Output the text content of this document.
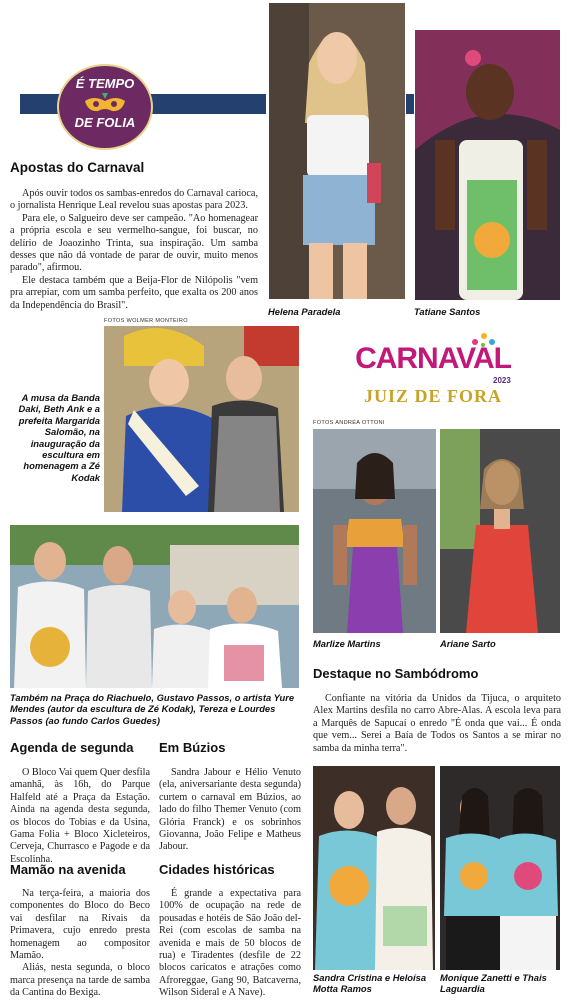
É TEMPO
DE FOLIA
Apostas do Carnaval

Após ouvir todos os sambas-enredos do Carnaval carioca, o jornalista Henrique Leal revelou suas apostas para 2023.

Para ele, o Salgueiro deve ser campeão. "Ao homenagear a própria escola e seu vermelho-sangue, foi buscar, no delírio de Joaozinho Trinta, sua inspiração. Um samba desses que não dá vontade de parar de ouvir, muito menos parado", afirmou.

Ele destaca também que a Beija-Flor de Nilópolis "vem pra arrepiar, com um samba perfeito, que exalta os 200 anos da Independência do Brasil".

Helena Paradela	Tatiane Santos
FOTOS WOLMER MONTEIRO
A musa da Banda Daki, Beth Ank e a prefeita Margarida Salomão, na inauguração da escultura em homenagem a Zé Kodak
CARNAVAL
2023
JUIZ DE FORA
FOTOS ANDRÉA OTTONI
Marlize Martins	Ariane Sarto
Também na Praça do Riachuelo, Gustavo Passos, o artista Yure Mendes (autor da escultura de Zé Kodak), Tereza e Lourdes Passos (ao fundo Carlos Guedes)
Destaque no Sambódromo

Confiante na vitória da Unidos da Tijuca, o arquiteto Alex Martins desfila no carro Abre-Alas. A escola leva para a Marquês de Sapucaí o enredo "É onda que vai... É onda que vem... Serei a Baía de Todos os Santos a se mirar no samba da minha terra".

Agenda de segunda

O Bloco Vai quem Quer desfila amanhã, às 16h, do Parque Halfeld até a Praça da Estação. Ainda na agenda desta segunda, os blocos do Tobias e da Usina, Gama Folia + Bloco Xicleteiros, Cerveja, Churrasco e Pagode e da Escolinha.

Em Búzios

Sandra Jabour e Hélio Venuto (ela, aniversariante desta segunda) curtem o carnaval em Búzios, ao lado do filho Themer Venuto (com Glória Franck) e os sobrinhos Giovanna, João Felipe e Matheus Jabour.

Mamão na avenida

Na terça-feira, a maioria dos componentes do Bloco do Beco vai desfilar na Rivais da Primavera, cujo enredo presta homenagem ao compositor Mamão.

Aliás, nesta segunda, o bloco marca presença na tarde de samba da Cantina do Bexiga.

Cidades históricas

É grande a expectativa para 100% de ocupação na rede de pousadas e hotéis de São João del-Rei (com escolas de samba na avenida e mais de 50 blocos de rua) e Tiradentes (desfile de 22 blocos caricatos e atrações como Afroreggae, Gang 90, Batcaverna, Wilson Sideral e A Nave).

Sandra Cristina e Heloísa Motta Ramos
Monique Zanetti e Thais Laguardia
